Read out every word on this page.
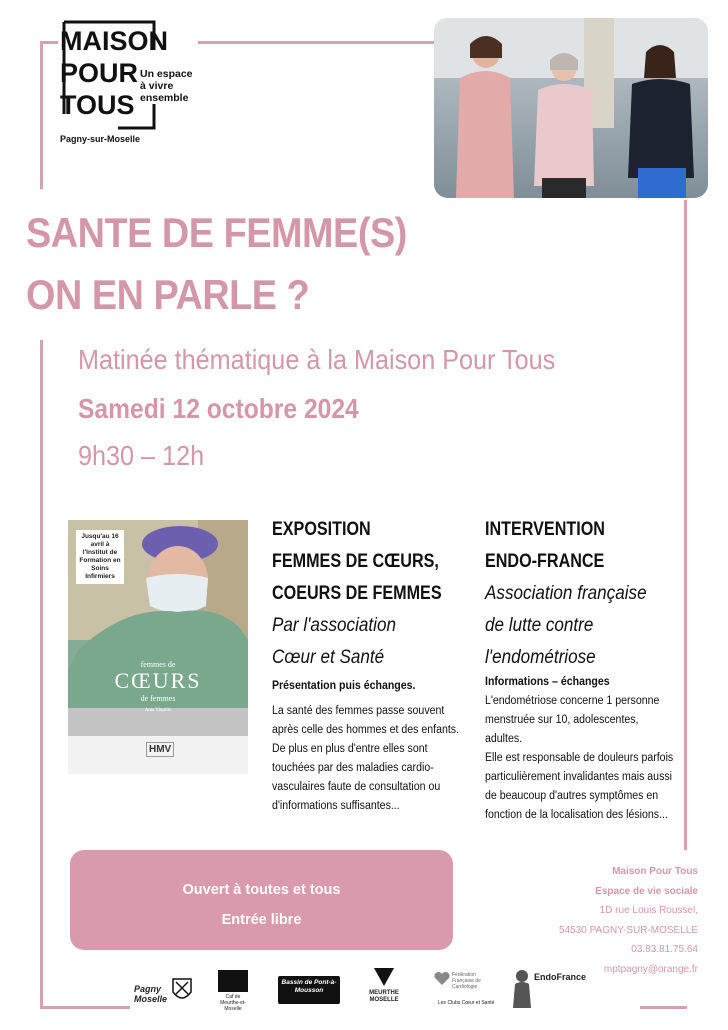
MAISON
POUR
TOUS
Un espace à vivre ensemble
Pagny-sur-Moselle
SANTE DE FEMME(S)
ON EN PARLE ?
Matinée thématique à la Maison Pour Tous
Samedi 12 octobre 2024
9h30 – 12h
Jusqu'au 16 avril à l'Institut de Formation en Soins Infirmiers
femmes de
CŒURS
de femmes
Anis Viquille
HMV
EXPOSITION
FEMMES DE CŒURS,
COEURS DE FEMMES
Par l'association
Cœur et Santé
Présentation puis échanges.
La santé des femmes passe souvent après celle des hommes et des enfants. De plus en plus d'entre elles sont touchées par des maladies cardio-vasculaires faute de consultation ou d'informations suffisantes...
INTERVENTION
ENDO-FRANCE
Association française
de lutte contre
l'endométriose
Informations – échanges
L'endométriose concerne 1 personne menstruée sur 10, adolescentes, adultes.
Elle est responsable de douleurs parfois particulièrement invalidantes mais aussi de beaucoup d'autres symptômes en fonction de la localisation des lésions...
Ouvert à toutes et tous
Entrée libre
Maison Pour Tous
Espace de vie sociale
1D rue Louis Roussel,
54530 PAGNY-SUR-MOSELLE
03.83.81.75.64
mptpagny@orange.fr
Pagny Moselle	Caf de Meurthe-et-Moselle
Bassin de Pont-à-Mousson	MEURTHE MOSELLE
Fédération Française de Cardiologie
Les Clubs Cœur et Santé
EndoFrance
